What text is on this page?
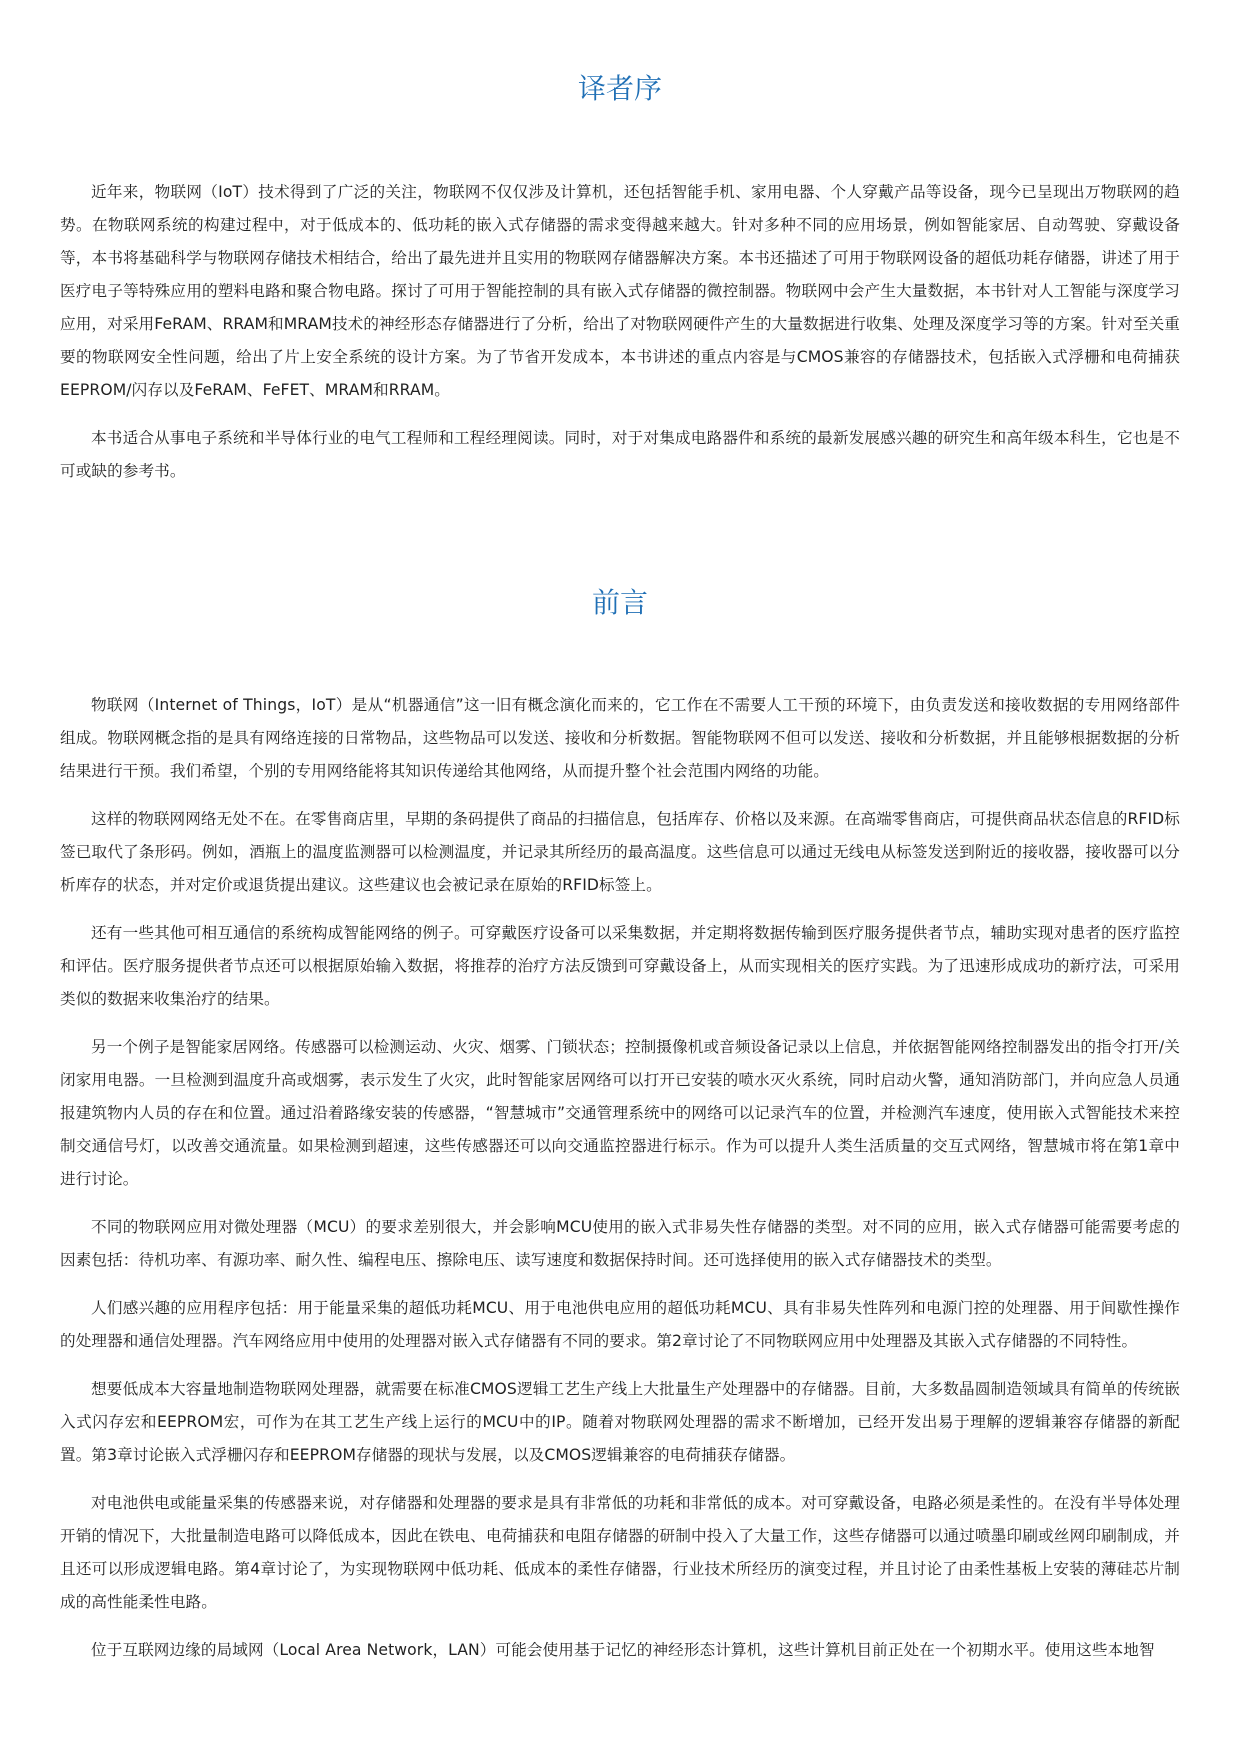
译者序

近年来，物联网（IoT）技术得到了广泛的关注，物联网不仅仅涉及计算机，还包括智能手机、家用电器、个人穿戴产品等设备，现今已呈现出万物联网的趋势。在物联网系统的构建过程中，对于低成本的、低功耗的嵌入式存储器的需求变得越来越大。针对多种不同的应用场景，例如智能家居、自动驾驶、穿戴设备等，本书将基础科学与物联网存储技术相结合，给出了最先进并且实用的物联网存储器解决方案。本书还描述了可用于物联网设备的超低功耗存储器，讲述了用于医疗电子等特殊应用的塑料电路和聚合物电路。探讨了可用于智能控制的具有嵌入式存储器的微控制器。物联网中会产生大量数据，本书针对人工智能与深度学习应用，对采用FeRAM、RRAM和MRAM技术的神经形态存储器进行了分析，给出了对物联网硬件产生的大量数据进行收集、处理及深度学习等的方案。针对至关重要的物联网安全性问题，给出了片上安全系统的设计方案。为了节省开发成本，本书讲述的重点内容是与CMOS兼容的存储器技术，包括嵌入式浮栅和电荷捕获EEPROM/闪存以及FeRAM、FeFET、MRAM和RRAM。

本书适合从事电子系统和半导体行业的电气工程师和工程经理阅读。同时，对于对集成电路器件和系统的最新发展感兴趣的研究生和高年级本科生，它也是不可或缺的参考书。

前言

物联网（Internet of Things，IoT）是从“机器通信”这一旧有概念演化而来的，它工作在不需要人工干预的环境下，由负责发送和接收数据的专用网络部件组成。物联网概念指的是具有网络连接的日常物品，这些物品可以发送、接收和分析数据。智能物联网不但可以发送、接收和分析数据，并且能够根据数据的分析结果进行干预。我们希望，个别的专用网络能将其知识传递给其他网络，从而提升整个社会范围内网络的功能。

这样的物联网网络无处不在。在零售商店里，早期的条码提供了商品的扫描信息，包括库存、价格以及来源。在高端零售商店，可提供商品状态信息的RFID标签已取代了条形码。例如，酒瓶上的温度监测器可以检测温度，并记录其所经历的最高温度。这些信息可以通过无线电从标签发送到附近的接收器，接收器可以分析库存的状态，并对定价或退货提出建议。这些建议也会被记录在原始的RFID标签上。

还有一些其他可相互通信的系统构成智能网络的例子。可穿戴医疗设备可以采集数据，并定期将数据传输到医疗服务提供者节点，辅助实现对患者的医疗监控和评估。医疗服务提供者节点还可以根据原始输入数据，将推荐的治疗方法反馈到可穿戴设备上，从而实现相关的医疗实践。为了迅速形成成功的新疗法，可采用类似的数据来收集治疗的结果。

另一个例子是智能家居网络。传感器可以检测运动、火灾、烟雾、门锁状态；控制摄像机或音频设备记录以上信息，并依据智能网络控制器发出的指令打开/关闭家用电器。一旦检测到温度升高或烟雾，表示发生了火灾，此时智能家居网络可以打开已安装的喷水灭火系统，同时启动火警，通知消防部门，并向应急人员通报建筑物内人员的存在和位置。通过沿着路缘安装的传感器，“智慧城市”交通管理系统中的网络可以记录汽车的位置，并检测汽车速度，使用嵌入式智能技术来控制交通信号灯，以改善交通流量。如果检测到超速，这些传感器还可以向交通监控器进行标示。作为可以提升人类生活质量的交互式网络，智慧城市将在第1章中进行讨论。

不同的物联网应用对微处理器（MCU）的要求差别很大，并会影响MCU使用的嵌入式非易失性存储器的类型。对不同的应用，嵌入式存储器可能需要考虑的因素包括：待机功率、有源功率、耐久性、编程电压、擦除电压、读写速度和数据保持时间。还可选择使用的嵌入式存储器技术的类型。

人们感兴趣的应用程序包括：用于能量采集的超低功耗MCU、用于电池供电应用的超低功耗MCU、具有非易失性阵列和电源门控的处理器、用于间歇性操作的处理器和通信处理器。汽车网络应用中使用的处理器对嵌入式存储器有不同的要求。第2章讨论了不同物联网应用中处理器及其嵌入式存储器的不同特性。

想要低成本大容量地制造物联网处理器，就需要在标准CMOS逻辑工艺生产线上大批量生产处理器中的存储器。目前，大多数晶圆制造领域具有简单的传统嵌入式闪存宏和EEPROM宏，可作为在其工艺生产线上运行的MCU中的IP。随着对物联网处理器的需求不断增加，已经开发出易于理解的逻辑兼容存储器的新配置。第3章讨论嵌入式浮栅闪存和EEPROM存储器的现状与发展，以及CMOS逻辑兼容的电荷捕获存储器。

对电池供电或能量采集的传感器来说，对存储器和处理器的要求是具有非常低的功耗和非常低的成本。对可穿戴设备，电路必须是柔性的。在没有半导体处理开销的情况下，大批量制造电路可以降低成本，因此在铁电、电荷捕获和电阻存储器的研制中投入了大量工作，这些存储器可以通过喷墨印刷或丝网印刷制成，并且还可以形成逻辑电路。第4章讨论了，为实现物联网中低功耗、低成本的柔性存储器，行业技术所经历的演变过程，并且讨论了由柔性基板上安装的薄硅芯片制成的高性能柔性电路。

位于互联网边缘的局域网（Local Area Network，LAN）可能会使用基于记忆的神经形态计算机，这些计算机目前正处在一个初期水平。使用这些本地智
